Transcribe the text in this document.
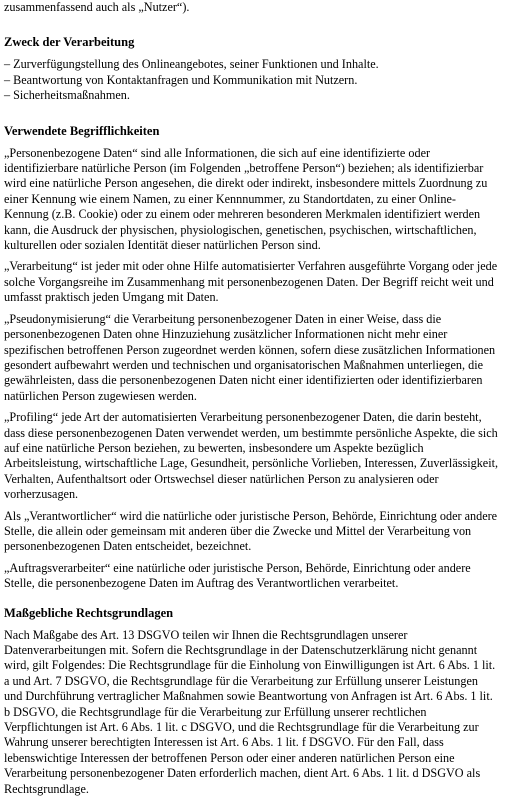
zusammenfassend auch als „Nutzer“).

Zweck der Verarbeitung
– Zurverfügungstellung des Onlineangebotes, seiner Funktionen und Inhalte.
– Beantwortung von Kontaktanfragen und Kommunikation mit Nutzern.
– Sicherheitsmaßnahmen.
Verwendete Begrifflichkeiten

„Personenbezogene Daten“ sind alle Informationen, die sich auf eine identifizierte oder identifizierbare natürliche Person (im Folgenden „betroffene Person“) beziehen; als identifizierbar wird eine natürliche Person angesehen, die direkt oder indirekt, insbesondere mittels Zuordnung zu einer Kennung wie einem Namen, zu einer Kennnummer, zu Standortdaten, zu einer Online-Kennung (z.B. Cookie) oder zu einem oder mehreren besonderen Merkmalen identifiziert werden kann, die Ausdruck der physischen, physiologischen, genetischen, psychischen, wirtschaftlichen, kulturellen oder sozialen Identität dieser natürlichen Person sind.

„Verarbeitung“ ist jeder mit oder ohne Hilfe automatisierter Verfahren ausgeführte Vorgang oder jede solche Vorgangsreihe im Zusammenhang mit personenbezogenen Daten. Der Begriff reicht weit und umfasst praktisch jeden Umgang mit Daten.

„Pseudonymisierung“ die Verarbeitung personenbezogener Daten in einer Weise, dass die personenbezogenen Daten ohne Hinzuziehung zusätzlicher Informationen nicht mehr einer spezifischen betroffenen Person zugeordnet werden können, sofern diese zusätzlichen Informationen gesondert aufbewahrt werden und technischen und organisatorischen Maßnahmen unterliegen, die gewährleisten, dass die personenbezogenen Daten nicht einer identifizierten oder identifizierbaren natürlichen Person zugewiesen werden.

„Profiling“ jede Art der automatisierten Verarbeitung personenbezogener Daten, die darin besteht, dass diese personenbezogenen Daten verwendet werden, um bestimmte persönliche Aspekte, die sich auf eine natürliche Person beziehen, zu bewerten, insbesondere um Aspekte bezüglich Arbeitsleistung, wirtschaftliche Lage, Gesundheit, persönliche Vorlieben, Interessen, Zuverlässigkeit, Verhalten, Aufenthaltsort oder Ortswechsel dieser natürlichen Person zu analysieren oder vorherzusagen.

Als „Verantwortlicher“ wird die natürliche oder juristische Person, Behörde, Einrichtung oder andere Stelle, die allein oder gemeinsam mit anderen über die Zwecke und Mittel der Verarbeitung von personenbezogenen Daten entscheidet, bezeichnet.

„Auftragsverarbeiter“ eine natürliche oder juristische Person, Behörde, Einrichtung oder andere Stelle, die personenbezogene Daten im Auftrag des Verantwortlichen verarbeitet.

Maßgebliche Rechtsgrundlagen

Nach Maßgabe des Art. 13 DSGVO teilen wir Ihnen die Rechtsgrundlagen unserer Datenverarbeitungen mit. Sofern die Rechtsgrundlage in der Datenschutzerklärung nicht genannt wird, gilt Folgendes: Die Rechtsgrundlage für die Einholung von Einwilligungen ist Art. 6 Abs. 1 lit. a und Art. 7 DSGVO, die Rechtsgrundlage für die Verarbeitung zur Erfüllung unserer Leistungen und Durchführung vertraglicher Maßnahmen sowie Beantwortung von Anfragen ist Art. 6 Abs. 1 lit. b DSGVO, die Rechtsgrundlage für die Verarbeitung zur Erfüllung unserer rechtlichen Verpflichtungen ist Art. 6 Abs. 1 lit. c DSGVO, und die Rechtsgrundlage für die Verarbeitung zur Wahrung unserer berechtigten Interessen ist Art. 6 Abs. 1 lit. f DSGVO. Für den Fall, dass lebenswichtige Interessen der betroffenen Person oder einer anderen natürlichen Person eine Verarbeitung personenbezogener Daten erforderlich machen, dient Art. 6 Abs. 1 lit. d DSGVO als Rechtsgrundlage.
